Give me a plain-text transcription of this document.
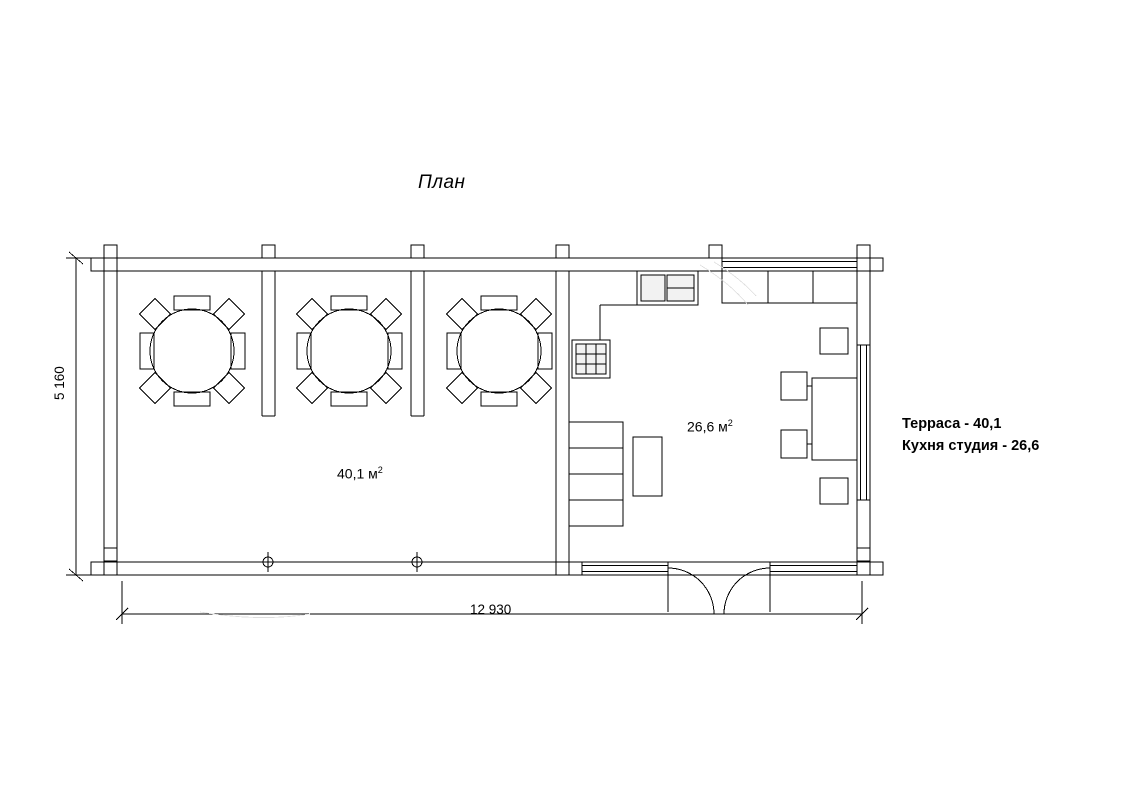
План
40,1 $м^2$
26,6 $м^2$
12 930
5 160
Терраса - 40,1
Кухня студия - 26,6
